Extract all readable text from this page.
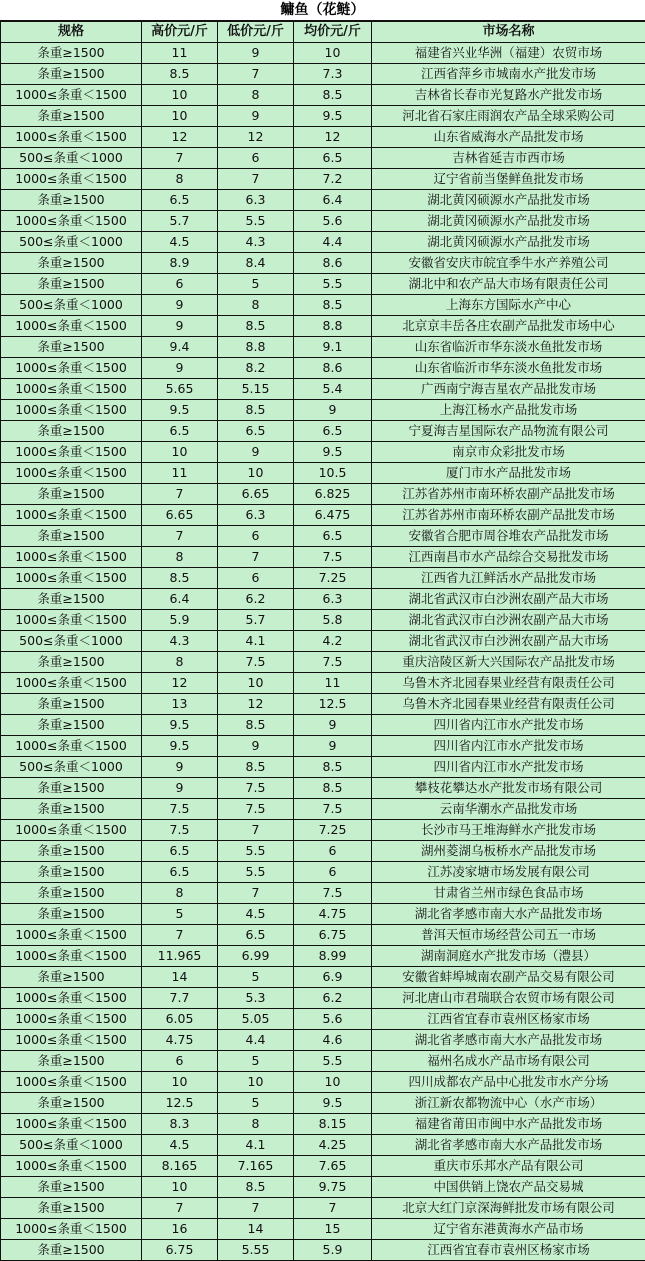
鳙鱼（花鲢）
规格	高价元/斤	低价元/斤	均价元/斤	市场名称
条重≥1500	11	9	10	福建省兴业华洲（福建）农贸市场
条重≥1500	8.5	7	7.3	江西省萍乡市城南水产批发市场
1000≤条重＜1500	10	8	8.5	吉林省长春市光复路水产批发市场
条重≥1500	10	9	9.5	河北省石家庄雨润农产品全球采购公司
1000≤条重＜1500	12	12	12	山东省威海水产品批发市场
500≤条重＜1000	7	6	6.5	吉林省延吉市西市场
1000≤条重＜1500	8	7	7.2	辽宁省前当堡鲜鱼批发市场
条重≥1500	6.5	6.3	6.4	湖北黄冈硕源水产品批发市场
1000≤条重＜1500	5.7	5.5	5.6	湖北黄冈硕源水产品批发市场
500≤条重＜1000	4.5	4.3	4.4	湖北黄冈硕源水产品批发市场
条重≥1500	8.9	8.4	8.6	安徽省安庆市皖宜季牛水产养殖公司
条重≥1500	6	5	5.5	湖北中和农产品大市场有限责任公司
500≤条重＜1000	9	8	8.5	上海东方国际水产中心
1000≤条重＜1500	9	8.5	8.8	北京京丰岳各庄农副产品批发市场中心
条重≥1500	9.4	8.8	9.1	山东省临沂市华东淡水鱼批发市场
1000≤条重＜1500	9	8.2	8.6	山东省临沂市华东淡水鱼批发市场
1000≤条重＜1500	5.65	5.15	5.4	广西南宁海吉星农产品批发市场
1000≤条重＜1500	9.5	8.5	9	上海江杨水产品批发市场
条重≥1500	6.5	6.5	6.5	宁夏海吉星国际农产品物流有限公司
1000≤条重＜1500	10	9	9.5	南京市众彩批发市场
1000≤条重＜1500	11	10	10.5	厦门市水产品批发市场
条重≥1500	7	6.65	6.825	江苏省苏州市南环桥农副产品批发市场
1000≤条重＜1500	6.65	6.3	6.475	江苏省苏州市南环桥农副产品批发市场
条重≥1500	7	6	6.5	安徽省合肥市周谷堆农产品批发市场
1000≤条重＜1500	8	7	7.5	江西南昌市水产品综合交易批发市场
1000≤条重＜1500	8.5	6	7.25	江西省九江鲜活水产品批发市场
条重≥1500	6.4	6.2	6.3	湖北省武汉市白沙洲农副产品大市场
1000≤条重＜1500	5.9	5.7	5.8	湖北省武汉市白沙洲农副产品大市场
500≤条重＜1000	4.3	4.1	4.2	湖北省武汉市白沙洲农副产品大市场
条重≥1500	8	7.5	7.5	重庆涪陵区新大兴国际农产品批发市场
1000≤条重＜1500	12	10	11	乌鲁木齐北园春果业经营有限责任公司
条重≥1500	13	12	12.5	乌鲁木齐北园春果业经营有限责任公司
条重≥1500	9.5	8.5	9	四川省内江市水产批发市场
1000≤条重＜1500	9.5	9	9	四川省内江市水产批发市场
500≤条重＜1000	9	8.5	8.5	四川省内江市水产批发市场
条重≥1500	9	7.5	8.5	攀枝花攀达水产批发市场有限公司
条重≥1500	7.5	7.5	7.5	云南华潮水产品批发市场
1000≤条重＜1500	7.5	7	7.25	长沙市马王堆海鲜水产批发市场
条重≥1500	6.5	5.5	6	湖州菱湖乌板桥水产品批发市场
条重≥1500	6.5	5.5	6	江苏凌家塘市场发展有限公司
条重≥1500	8	7	7.5	甘肃省兰州市绿色食品市场
条重≥1500	5	4.5	4.75	湖北省孝感市南大水产品批发市场
1000≤条重＜1500	7	6.5	6.75	普洱天恒市场经营公司五一市场
1000≤条重＜1500	11.965	6.99	8.99	湖南洞庭水产批发市场（澧县）
条重≥1500	14	5	6.9	安徽省蚌埠城南农副产品交易有限公司
1000≤条重＜1500	7.7	5.3	6.2	河北唐山市君瑞联合农贸市场有限公司
1000≤条重＜1500	6.05	5.05	5.6	江西省宜春市袁州区杨家市场
1000≤条重＜1500	4.75	4.4	4.6	湖北省孝感市南大水产品批发市场
条重≥1500	6	5	5.5	福州名成水产品市场有限公司
1000≤条重＜1500	10	10	10	四川成都农产品中心批发市水产分场
条重≥1500	12.5	5	9.5	浙江新农都物流中心（水产市场）
1000≤条重＜1500	8.3	8	8.15	福建省莆田市闽中水产品批发市场
500≤条重＜1000	4.5	4.1	4.25	湖北省孝感市南大水产品批发市场
1000≤条重＜1500	8.165	7.165	7.65	重庆市乐邦水产品有限公司
条重≥1500	10	8.5	9.75	中国供销上饶农产品交易城
条重≥1500	7	7	7	北京大红门京深海鲜批发市场有限公司
1000≤条重＜1500	16	14	15	辽宁省东港黄海水产品市场
条重≥1500	6.75	5.55	5.9	江西省宜春市袁州区杨家市场
